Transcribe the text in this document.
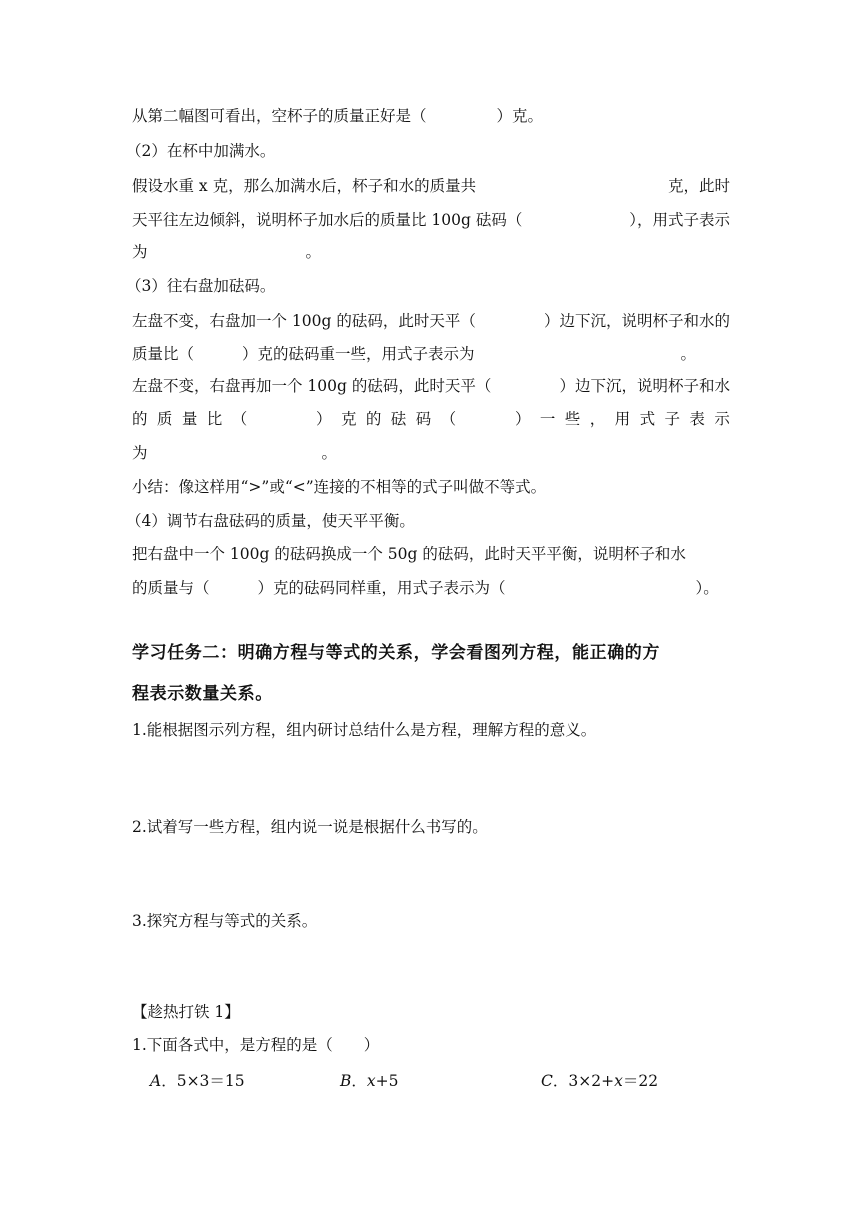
从第二幅图可看出，空杯子的质量正好是（	）克。
（2）在杯中加满水。
假设水重 x 克，那么加满水后，杯子和水的质量共	克，此时
天平往左边倾斜，说明杯子加水后的质量比 100g 砝码（	），用式子表示
为	。
（3）往右盘加砝码。
左盘不变，右盘加一个 100g 的砝码，此时天平（	）边下沉，说明杯子和水的
质量比（	）克的砝码重一些，用式子表示为	。
左盘不变，右盘再加一个 100g 的砝码，此时天平（	）边下沉，说明杯子和水
的 质 量 比 （	） 克 的 砝 码 （	） 一 些 ， 用 式 子 表 示
为	。
小结：像这样用“>”或“<”连接的不相等的式子叫做不等式。
（4）调节右盘砝码的质量，使天平平衡。
把右盘中一个 100g 的砝码换成一个 50g 的砝码，此时天平平衡，说明杯子和水
的质量与（	）克的砝码同样重，用式子表示为（	）。
学习任务二：明确方程与等式的关系，学会看图列方程，能正确的方
程表示数量关系。
1.能根据图示列方程，组内研讨总结什么是方程，理解方程的意义。
2.试着写一些方程，组内说一说是根据什么书写的。
3.探究方程与等式的关系。
【趁热打铁 1】
1.下面各式中，是方程的是（　　）
A．5×3＝15	B．x+5	C．3×2+x＝22
